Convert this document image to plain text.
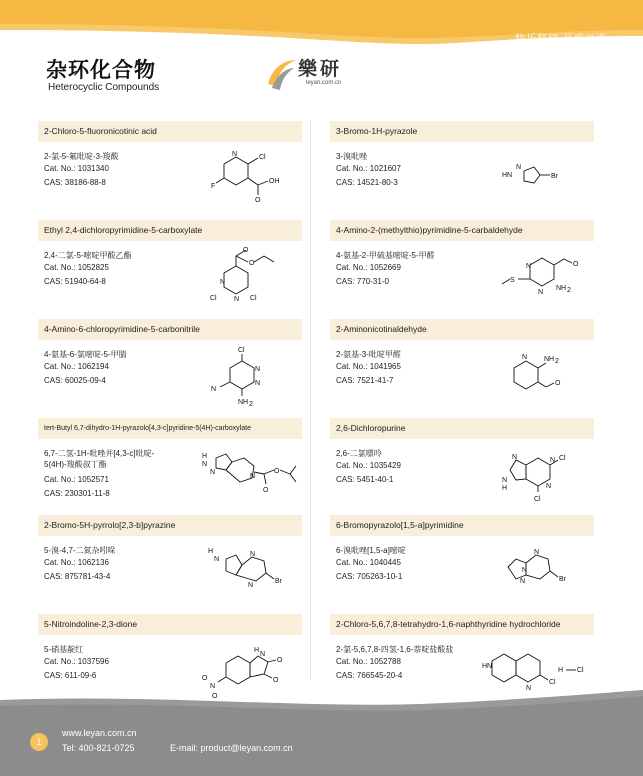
快乐科研 品质之选
杂环化合物
Heterocyclic Compounds
樂研
leyan.com.cn
2-Chloro-5-fluoronicotinic acid
2-氯-5-氟吡啶-3-羧酸
Cat. No.: 1031340
CAS: 38186-88-8
N	Cl
F
O
OH
3-Bromo-1H-pyrazole
3-溴吡唑
Cat. No.: 1021607
CAS: 14521-80-3
HN
N
Br
Ethyl 2,4-dichloropyrimidine-5-carboxylate
2,4-二氯-5-嘧啶甲酸乙酯
Cat. No.: 1052825
CAS: 51940-64-8
O
O
N
N
Cl	Cl
4-Amino-2-(methylthio)pyrimidine-5-carbaldehyde
4-氨基-2-甲硫基嘧啶-5-甲醛
Cat. No.: 1052669
CAS: 770-31-0
N
N
S
O
NH 2
4-Amino-6-chloropyrimidine-5-carbonitrile
4-氨基-6-氯嘧啶-5-甲腈
Cat. No.: 1062194
CAS: 60025-09-4
Cl
N
N
N
NH 2
2-Aminonicotinaldehyde
2-氨基-3-吡啶甲醛
Cat. No.: 1041965
CAS: 7521-41-7
N NH 2
O
tert-Butyl 6,7-dihydro-1H-pyrazolo[4,3-c]pyridine-5(4H)-carboxylate
6,7-二氢-1H-吡唑并[4,3-c]吡啶-
5(4H)-羧酸叔丁酯
Cat. No.: 1052571
CAS: 230301-11-8
H
N
N
N
O
O
2,6-Dichloropurine
2,6-二氯嘌呤
Cat. No.: 1035429
CAS: 5451-40-1
N
N
N Cl
N
H
Cl
2-Bromo-5H-pyrrolo[2,3-b]pyrazine
5-溴-4,7-二氮杂吲哚
Cat. No.: 1062136
CAS: 875781-43-4
H
N
N
N
Br
6-Bromopyrazolo[1,5-a]pyrimidine
6-溴吡唑[1,5-a]嘧啶
Cat. No.: 1040445
CAS: 705263-10-1
N
N
N
Br
5-Nitroindoline-2,3-dione
5-硝基靛红
Cat. No.: 1037596
CAS: 611-09-6
H
N
O
O
O
N
O
2-Chloro-5,6,7,8-tetrahydro-1,6-naphthyridine hydrochloride
2-氯-5,6,7,8-四氢-1,6-萘啶盐酸盐
Cat. No.: 1052788
CAS: 766545-20-4
HN
N
Cl
H Cl
1
www.leyan.com.cn
Tel: 400-821-0725	E-mail: product@leyan.com.cn
